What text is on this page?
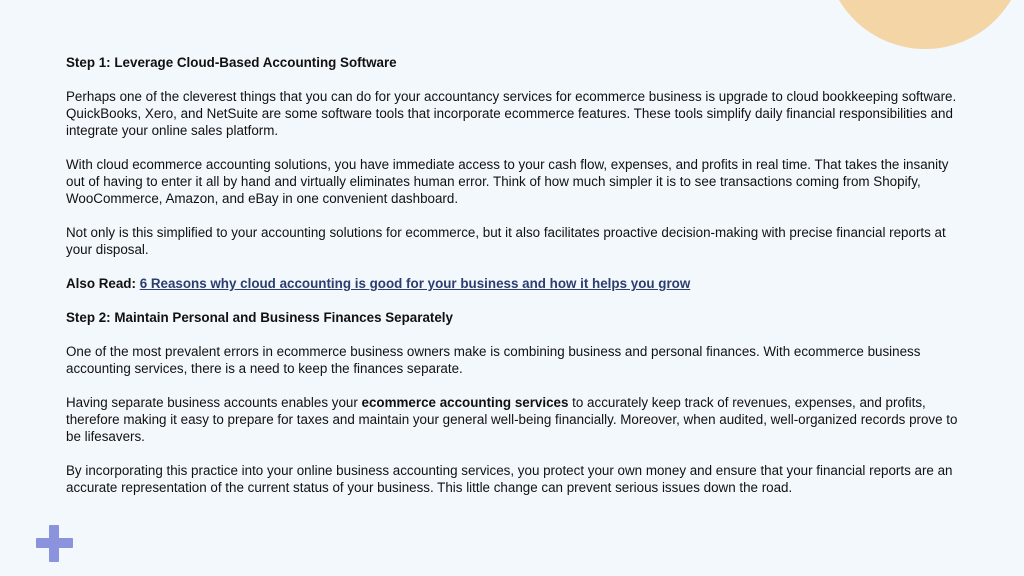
Step 1: Leverage Cloud-Based Accounting Software

Perhaps one of the cleverest things that you can do for your accountancy services for ecommerce business is upgrade to cloud bookkeeping software. QuickBooks, Xero, and NetSuite are some software tools that incorporate ecommerce features. These tools simplify daily financial responsibilities and integrate your online sales platform.

With cloud ecommerce accounting solutions, you have immediate access to your cash flow, expenses, and profits in real time. That takes the insanity out of having to enter it all by hand and virtually eliminates human error. Think of how much simpler it is to see transactions coming from Shopify, WooCommerce, Amazon, and eBay in one convenient dashboard.

Not only is this simplified to your accounting solutions for ecommerce, but it also facilitates proactive decision-making with precise financial reports at your disposal.

Also Read: 6 Reasons why cloud accounting is good for your business and how it helps you grow

Step 2: Maintain Personal and Business Finances Separately

One of the most prevalent errors in ecommerce business owners make is combining business and personal finances. With ecommerce business accounting services, there is a need to keep the finances separate.

Having separate business accounts enables your ecommerce accounting services to accurately keep track of revenues, expenses, and profits, therefore making it easy to prepare for taxes and maintain your general well-being financially. Moreover, when audited, well-organized records prove to be lifesavers.

By incorporating this practice into your online business accounting services, you protect your own money and ensure that your financial reports are an accurate representation of the current status of your business. This little change can prevent serious issues down the road.
